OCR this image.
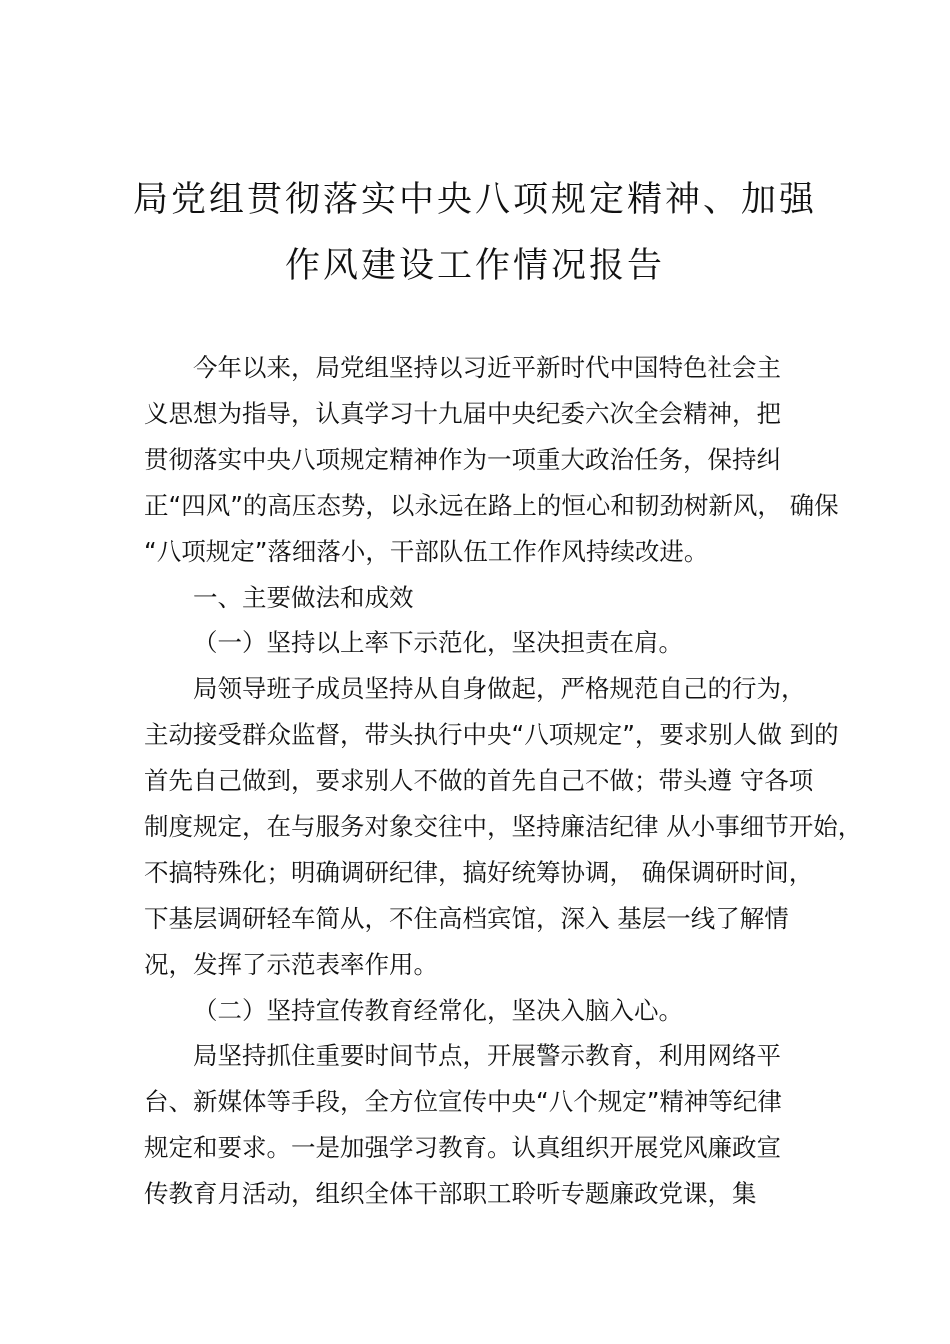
局党组贯彻落实中央八项规定精神、加强
作风建设工作情况报告
今年以来，局党组坚持以习近平新时代中国特色社会主
义思想为指导，认真学习十九届中央纪委六次全会精神，把
贯彻落实中央八项规定精神作为一项重大政治任务，保持纠
正“四风”的高压态势，以永远在路上的恒心和韧劲树新风， 确保
“八项规定”落细落小，干部队伍工作作风持续改进。
一、主要做法和成效
（一）坚持以上率下示范化，坚决担责在肩。
局领导班子成员坚持从自身做起，严格规范自己的行为，
主动接受群众监督，带头执行中央“八项规定”，要求别人做 到的
首先自己做到，要求别人不做的首先自己不做；带头遵 守各项
制度规定，在与服务对象交往中，坚持廉洁纪律 从小事细节开始，
不搞特殊化；明确调研纪律，搞好统筹协调， 确保调研时间，
下基层调研轻车简从，不住高档宾馆，深入 基层一线了解情
况，发挥了示范表率作用。
（二）坚持宣传教育经常化，坚决入脑入心。
局坚持抓住重要时间节点，开展警示教育，利用网络平
台、新媒体等手段，全方位宣传中央“八个规定”精神等纪律
规定和要求。一是加强学习教育。认真组织开展党风廉政宣
传教育月活动，组织全体干部职工聆听专题廉政党课，集
